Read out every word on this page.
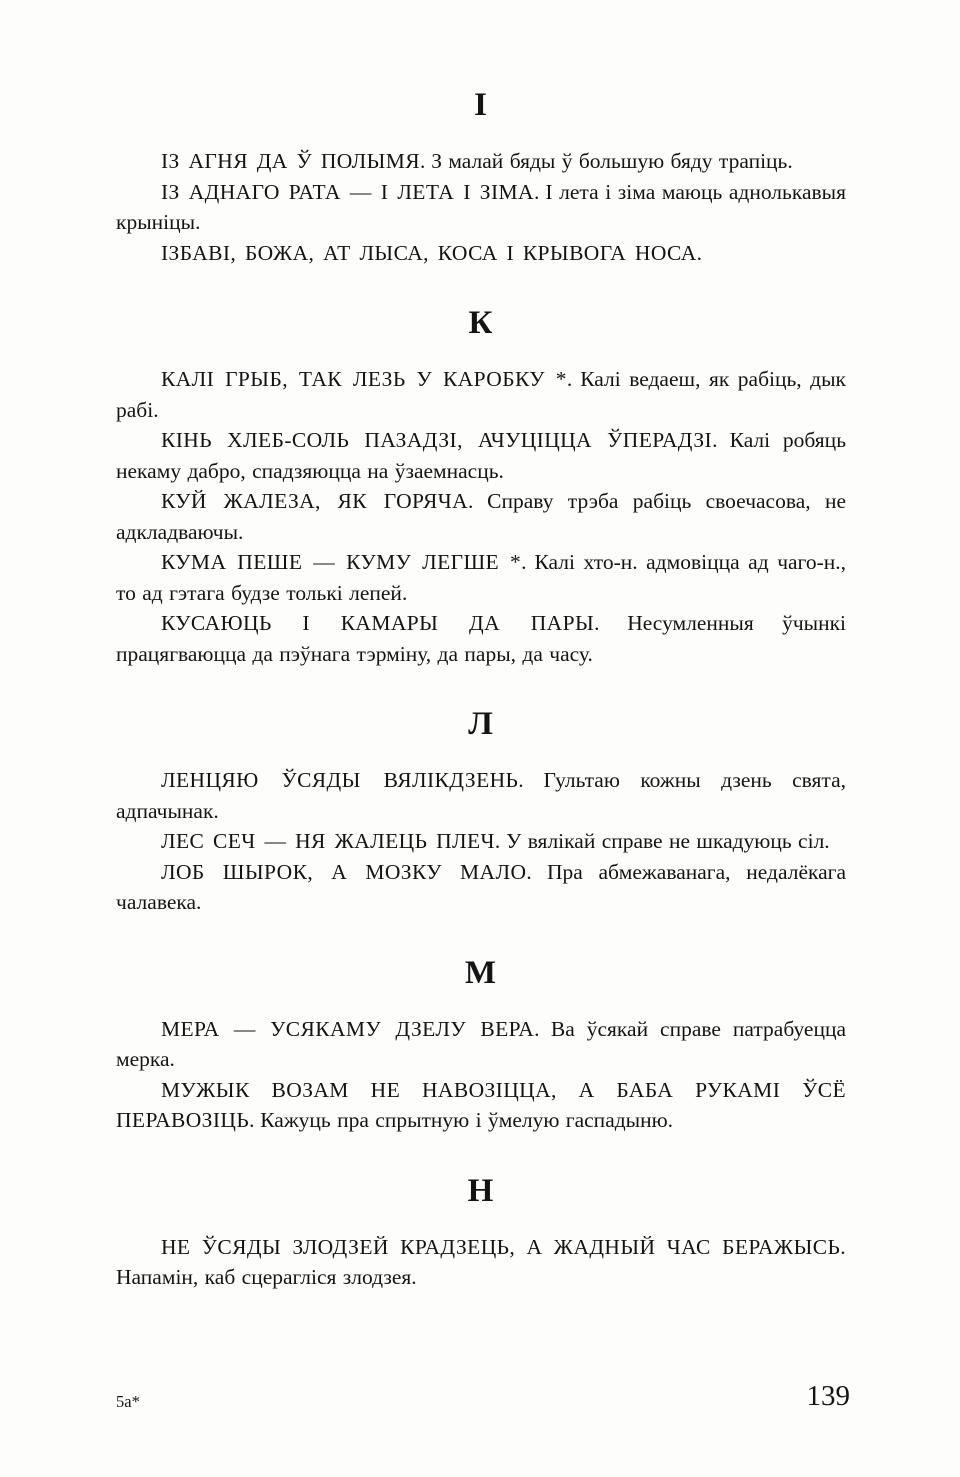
І

ІЗ АГНЯ ДА Ў ПОЛЫМЯ. З малай бяды ў большую бяду трапіць.

ІЗ АДНАГО РАТА — І ЛЕТА І ЗІМА. І лета і зіма маюць аднолькавыя крыніцы.

ІЗБАВІ, БОЖА, АТ ЛЫСА, КОСА І КРЫВОГА НОСА.

К

КАЛІ ГРЫБ, ТАК ЛЕЗЬ У КАРОБКУ *. Калі ведаеш, як рабіць, дык рабі.

КІНЬ ХЛЕБ-СОЛЬ ПАЗАДЗІ, АЧУЦІЦЦА ЎПЕРАДЗІ. Калі робяць некаму дабро, спадзяюцца на ўзаемнасць.

КУЙ ЖАЛЕЗА, ЯК ГОРЯЧА. Справу трэба рабіць своечасова, не адкладваючы.

КУМА ПЕШЕ — КУМУ ЛЕГШЕ *. Калі хто-н. адмовіцца ад чаго-н., то ад гэтага будзе толькі лепей.

КУСАЮЦЬ І КАМАРЫ ДА ПАРЫ. Несумленныя ўчынкі працягваюцца да пэўнага тэрміну, да пары, да часу.

Л

ЛЕНЦЯЮ ЎСЯДЫ ВЯЛІКДЗЕНЬ. Гультаю кожны дзень свята, адпачынак.

ЛЕС СЕЧ — НЯ ЖАЛЕЦЬ ПЛЕЧ. У вялікай справе не шкадуюць сіл.

ЛОБ ШЫРОК, А МОЗКУ МАЛО. Пра абмежаванага, недалёкага чалавека.

М

МЕРА — УСЯКАМУ ДЗЕЛУ ВЕРА. Ва ўсякай справе патрабуецца мерка.

МУЖЫК ВОЗАМ НЕ НАВОЗІЦЦА, А БАБА РУКАМІ ЎСЁ ПЕРАВОЗІЦЬ. Кажуць пра спрытную і ўмелую гаспадыню.

Н

НЕ ЎСЯДЫ ЗЛОДЗЕЙ КРАДЗЕЦЬ, А ЖАДНЫЙ ЧАС БЕРАЖЫСЬ. Напамін, каб сцерагліся злодзея.

5а*	139
